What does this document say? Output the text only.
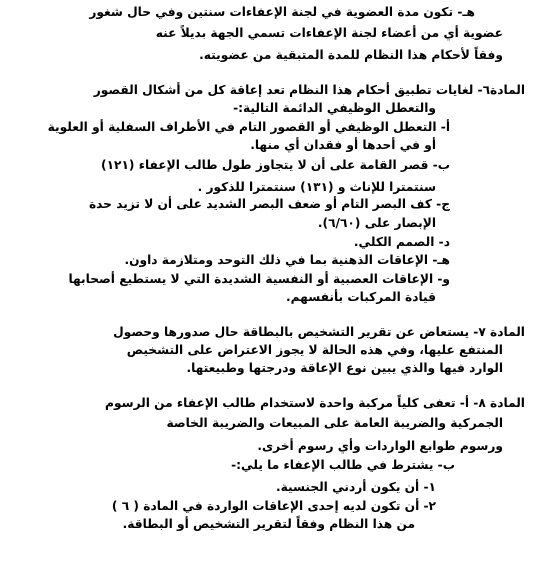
هـ- تكون مدة العضوية في لجنة الإعفاءات سنتين وفي حال شغور
عضوية أي من أعضاء لجنة الإعفاءات تسمي الجهة بديلاً عنه
وفقاً لأحكام هذا النظام للمدة المتبقية من عضويته.
المادة٦- لغايات تطبيق أحكام هذا النظام تعد إعاقة كل من أشكال القصور
والتعطل الوظيفي الدائمة التالية:-
أ- التعطل الوظيفي أو القصور التام في الأطراف السفلية أو العلوية
أو في أحدها أو فقدان أي منها.
ب- قصر القامة على أن لا يتجاوز طول طالب الإعفاء (١٢١)
سنتمترا للإناث و (١٣١) سنتمترا للذكور .
ج- كف البصر التام أو ضعف البصر الشديد على أن لا تزيد حدة
الإبصار على (٦/٦٠).
د- الصمم الكلي.
هـ- الإعاقات الذهنية بما في ذلك التوحد ومتلازمة داون.
و- الإعاقات العصبية أو النفسية الشديدة التي لا يستطيع أصحابها
قيادة المركبات بأنفسهم.
المادة ٧- يستعاض عن تقرير التشخيص بالبطاقة حال صدورها وحصول
المنتفع عليها، وفي هذه الحالة لا يجوز الاعتراض على التشخيص
الوارد فيها والذي يبين نوع الإعاقة ودرجتها وطبيعتها.
المادة ٨- أ- تعفى كلياً مركبة واحدة لاستخدام طالب الإعفاء من الرسوم
الجمركية والضريبة العامة على المبيعات والضريبة الخاصة
ورسوم طوابع الواردات وأي رسوم أخرى.
ب- يشترط في طالب الإعفاء ما يلي:-
١- أن يكون أردني الجنسية.
٢- أن تكون لديه إحدى الإعاقات الواردة في المادة ( ٦ )
من هذا النظام وفقاً لتقرير التشخيص أو البطاقة.
